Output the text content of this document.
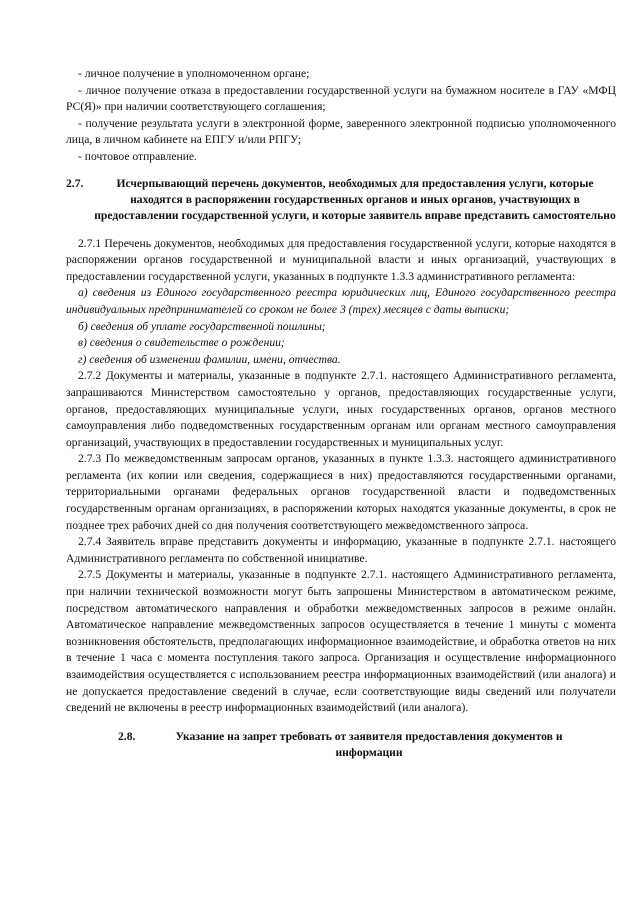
- личное получение в уполномоченном органе;

- личное получение отказа в предоставлении государственной услуги на бумажном носителе в ГАУ «МФЦ РС(Я)» при наличии соответствующего соглашения;

- получение результата услуги в электронной форме, заверенного электронной подписью уполномоченного лица, в личном кабинете на ЕПГУ и/или РПГУ;

- почтовое отправление.

2.7.	Исчерпывающий перечень документов, необходимых для предоставления услуги, которые находятся в распоряжении государственных органов и иных органов, участвующих в предоставлении государственной услуги, и которые заявитель вправе представить самостоятельно

2.7.1 Перечень документов, необходимых для предоставления государственной услуги, которые находятся в распоряжении органов государственной и муниципальной власти и иных организаций, участвующих в предоставлении государственной услуги, указанных в подпункте 1.3.3 административного регламента:

а) сведения из Единого государственного реестра юридических лиц, Единого государственного реестра индивидуальных предпринимателей со сроком не более 3 (трех) месяцев с даты выписки;

б) сведения об уплате государственной пошлины;

в) сведения о свидетельстве о рождении;

г) сведения об изменении фамилии, имени, отчества.

2.7.2 Документы и материалы, указанные в подпункте 2.7.1. настоящего Административного регламента, запрашиваются Министерством самостоятельно у органов, предоставляющих государственные услуги, органов, предоставляющих муниципальные услуги, иных государственных органов, органов местного самоуправления либо подведомственных государственным органам или органам местного самоуправления организаций, участвующих в предоставлении государственных и муниципальных услуг.

2.7.3 По межведомственным запросам органов, указанных в пункте 1.3.3. настоящего административного регламента (их копии или сведения, содержащиеся в них) предоставляются государственными органами, территориальными органами федеральных органов государственной власти и подведомственных государственным органам организациях, в распоряжении которых находятся указанные документы, в срок не позднее трех рабочих дней со дня получения соответствующего межведомственного запроса.

2.7.4 Заявитель вправе представить документы и информацию, указанные в подпункте 2.7.1. настоящего Административного регламента по собственной инициативе.

2.7.5 Документы и материалы, указанные в подпункте 2.7.1. настоящего Административного регламента, при наличии технической возможности могут быть запрошены Министерством в автоматическом режиме, посредством автоматического направления и обработки межведомственных запросов в режиме онлайн. Автоматическое направление межведомственных запросов осуществляется в течение 1 минуты с момента возникновения обстоятельств, предполагающих информационное взаимодействие, и обработка ответов на них в течение 1 часа с момента поступления такого запроса. Организация и осуществление информационного взаимодействия осуществляется с использованием реестра информационных взаимодействий (или аналога) и не допускается предоставление сведений в случае, если соответствующие виды сведений или получатели сведений не включены в реестр информационных взаимодействий (или аналога).

2.8.	Указание на запрет требовать от заявителя предоставления документов и информации
